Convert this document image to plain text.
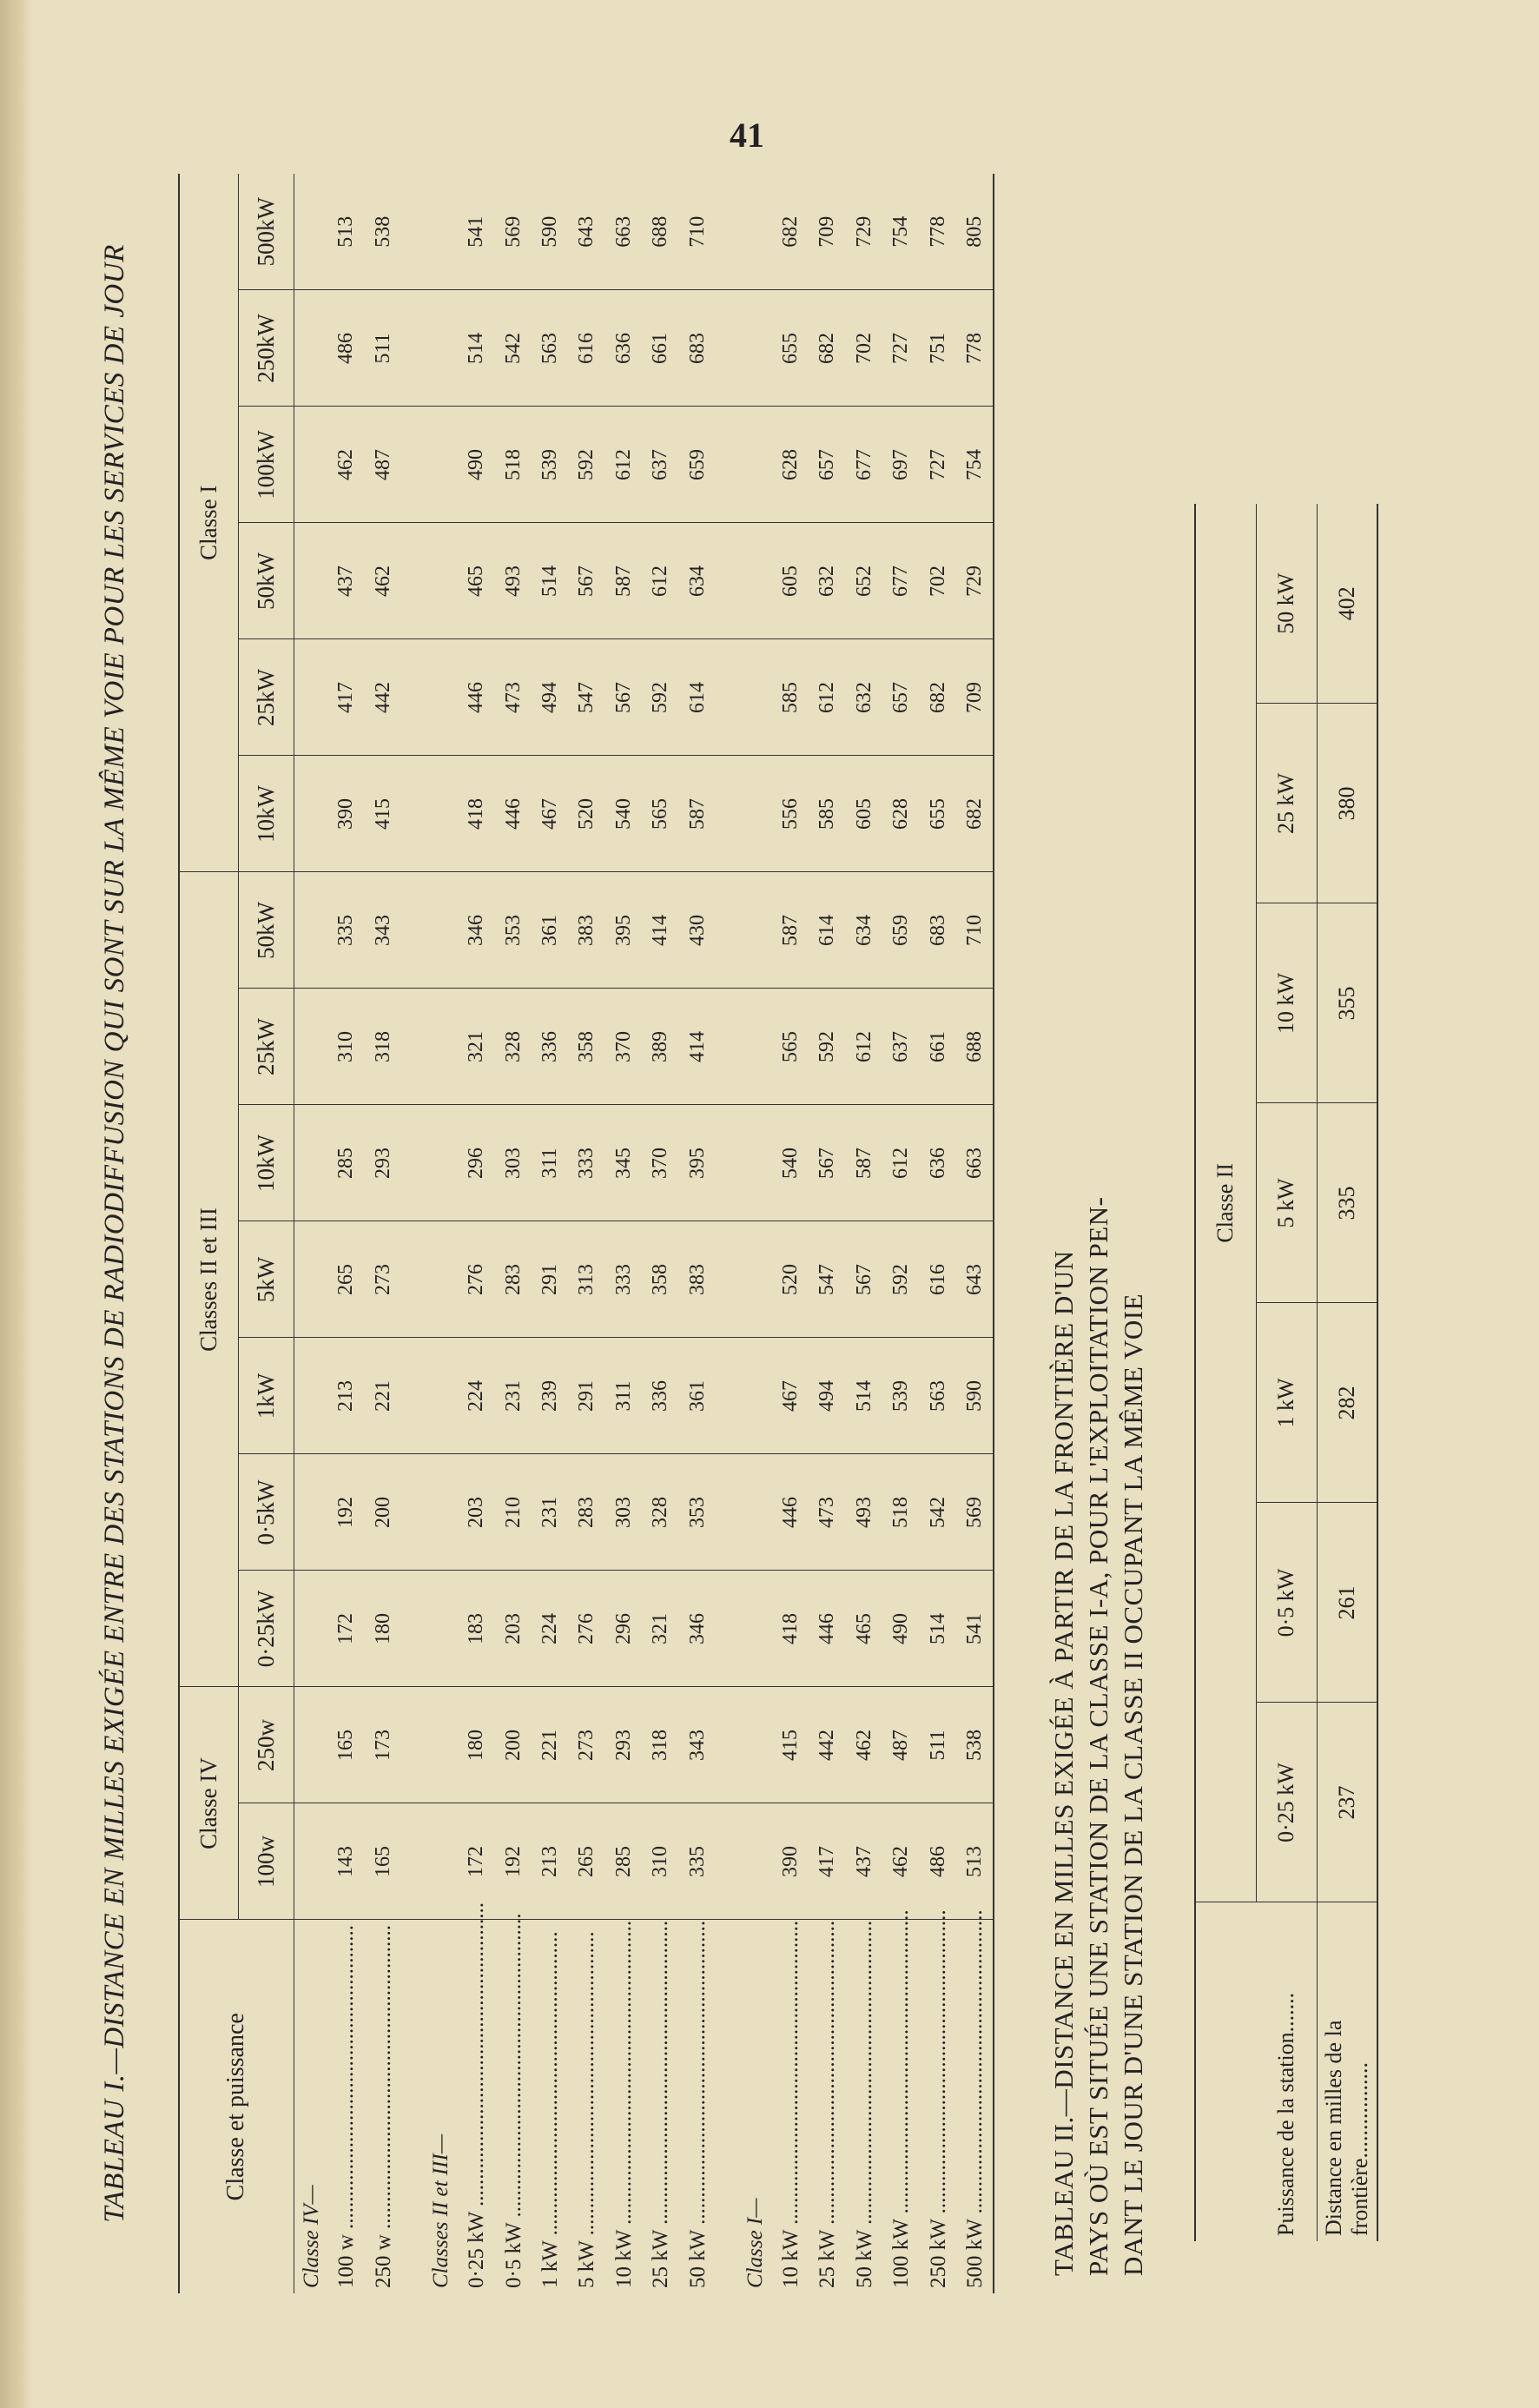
41
TABLEAU I.—DISTANCE EN MILLES EXIGÉE ENTRE DES STATIONS DE RADIODIFFUSION QUI SONT SUR LA MÊME VOIE POUR LES SERVICES DE JOUR	Classe et puissance	Classe IV		Classes II et III							Classe I					
	100w	250w	0·25kW	0·5kW	1kW	5kW	10kW	25kW	50kW	10kW	25kW	50kW	100kW	250kW	500kW
Classe IV—															
100 w .....	143	165	172	192	213	265	285	310	335	390	417	437	462	486	513
250 w .....	165	173	180	200	221	273	293	318	343	415	442	462	487	511	538

Classes II et III—															
0·25 kW .....	172	180	183	203	224	276	296	321	346	418	446	465	490	514	541
0·5 kW .....	192	200	203	210	231	283	303	328	353	446	473	493	518	542	569
1 kW .....	213	221	224	231	239	291	311	336	361	467	494	514	539	563	590
5 kW .....	265	273	276	283	291	313	333	358	383	520	547	567	592	616	643
10 kW .....	285	293	296	303	311	333	345	370	395	540	567	587	612	636	663
25 kW .....	310	318	321	328	336	358	370	389	414	565	592	612	637	661	688
50 kW .....	335	343	346	353	361	383	395	414	430	587	614	634	659	683	710

Classe I—															
10 kW .....	390	415	418	446	467	520	540	565	587	556	585	605	628	655	682
25 kW .....	417	442	446	473	494	547	567	592	614	585	612	632	657	682	709
50 kW .....	437	462	465	493	514	567	587	612	634	605	632	652	677	702	729
100 kW .....	462	487	490	518	539	592	612	637	659	628	657	677	697	727	754
250 kW .....	486	511	514	542	563	616	636	661	683	655	682	702	727	751	778
500 kW .....	513	538	541	569	590	643	663	688	710	682	709	729	754	778	805
TABLEAU II.—DISTANCE EN MILLES EXIGÉE À PARTIR DE LA FRONTIÈRE D'UN PAYS OÙ EST SITUÉE UNE STATION DE LA CLASSE I-A, POUR L'EXPLOITATION PEN- DANT LE JOUR D'UNE STATION DE LA CLASSE II OCCUPANT LA MÊME VOIE
	Classe II						
Puissance de la station.......	0·25 kW	0·5 kW	1 kW	5 kW	10 kW	25 kW	50 kW
Distance en milles de la frontière.................	237	261	282	335	355	380	402
